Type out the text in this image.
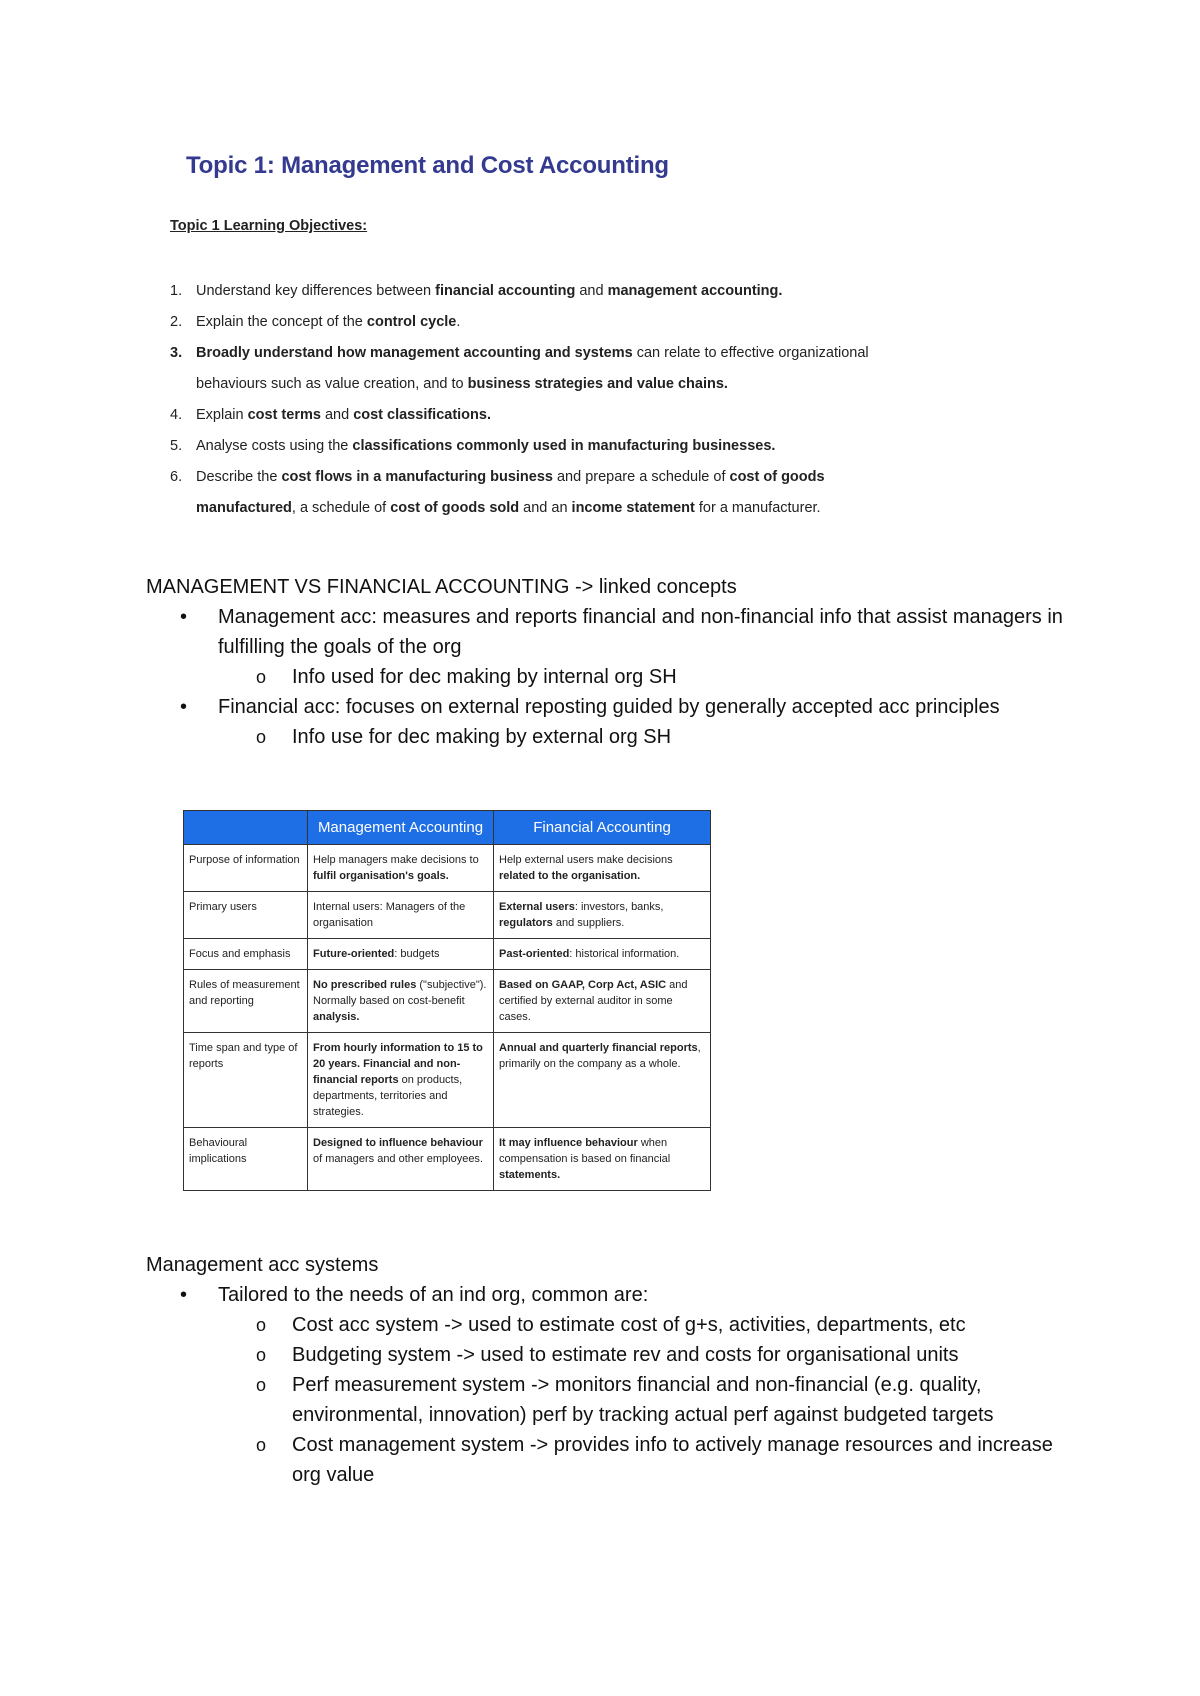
Topic 1: Management and Cost Accounting

Topic 1 Learning Objectives:

1. Understand key differences between financial accounting and management accounting.
2. Explain the concept of the control cycle.
3. Broadly understand how management accounting and systems can relate to effective organizational behaviours such as value creation, and to business strategies and value chains.
4. Explain cost terms and cost classifications.
5. Analyse costs using the classifications commonly used in manufacturing businesses.
6. Describe the cost flows in a manufacturing business and prepare a schedule of cost of goods manufactured, a schedule of cost of goods sold and an income statement for a manufacturer.
MANAGEMENT VS FINANCIAL ACCOUNTING -> linked concepts
• Management acc: measures and reports financial and non-financial info that assist managers in fulfilling the goals of the org
o Info used for dec making by internal org SH
• Financial acc: focuses on external reposting guided by generally accepted acc principles
o Info use for dec making by external org SH
	Management Accounting	Financial Accounting
Purpose of information	Help managers make decisions to fulfil organisation's goals.	Help external users make decisions related to the organisation.
Primary users	Internal users: Managers of the organisation	External users: investors, banks, regulators and suppliers.
Focus and emphasis	Future-oriented: budgets	Past-oriented: historical information.
Rules of measurement and reporting	No prescribed rules ("subjective"). Normally based on cost-benefit analysis.	Based on GAAP, Corp Act, ASIC and certified by external auditor in some cases.
Time span and type of reports	From hourly information to 15 to 20 years. Financial and non-financial reports on products, departments, territories and strategies.	Annual and quarterly financial reports, primarily on the company as a whole.
Behavioural implications	Designed to influence behaviour of managers and other employees.	It may influence behaviour when compensation is based on financial statements.
Management acc systems
• Tailored to the needs of an ind org, common are:
o Cost acc system -> used to estimate cost of g+s, activities, departments, etc
o Budgeting system -> used to estimate rev and costs for organisational units
o Perf measurement system -> monitors financial and non-financial (e.g. quality, environmental, innovation) perf by tracking actual perf against budgeted targets
o Cost management system -> provides info to actively manage resources and increase org value
